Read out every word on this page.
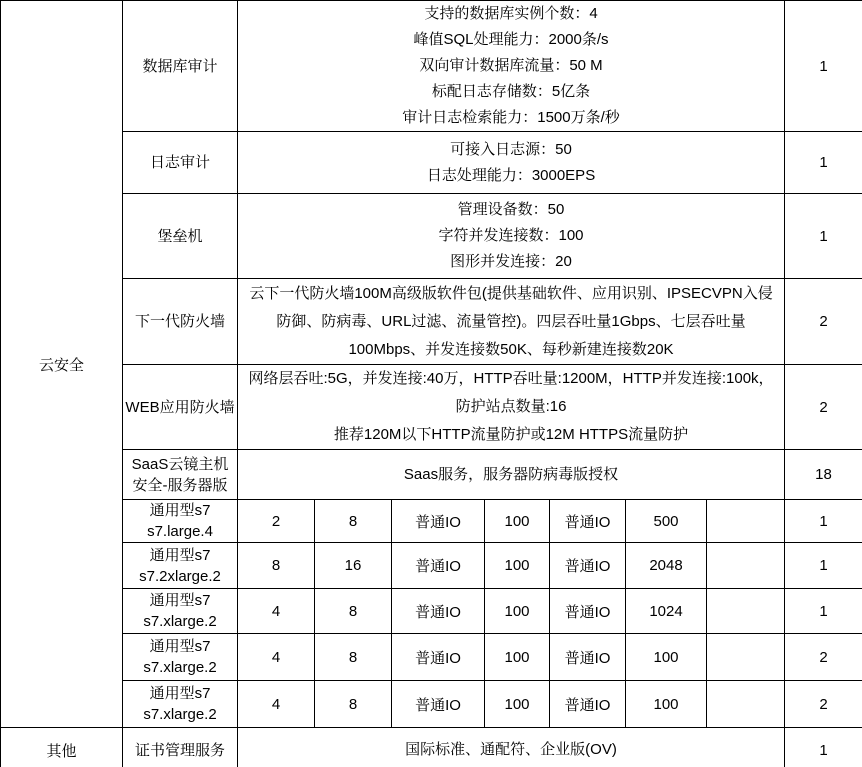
云安全	数据库审计	支持的数据库实例个数：4
峰值SQL处理能力：2000条/s
双向审计数据库流量：50 M
标配日志存储数：5亿条
审计日志检索能力：1500万条/秒							1

	日志审计	可接入日志源：50
日志处理能力：3000EPS							1

	堡垒机	管理设备数：50
字符并发连接数：100
图形并发连接：20							1

	下一代防火墙	云下一代防火墙100M高级版软件包(提供基础软件、应用识别、IPSECVPN入侵防御、防病毒、URL过滤、流量管控)。四层吞吐量1Gbps、七层吞吐量100Mbps、并发连接数50K、每秒新建连接数20K							2

	WEB应用防火墙	网络层吞吐:5G，并发连接:40万，HTTP吞吐量:1200M，HTTP并发连接:100k，防护站点数量:16
推荐120M以下HTTP流量防护或12M HTTPS流量防护							2

	SaaS云镜主机
安全-服务器版	Saas服务，服务器防病毒版授权							18

	通用型s7
s7.large.4	2	8	普通IO	100	普通IO	500		1

	通用型s7
s7.2xlarge.2	8	16	普通IO	100	普通IO	2048		1

	通用型s7
s7.xlarge.2	4	8	普通IO	100	普通IO	1024		1

	通用型s7
s7.xlarge.2	4	8	普通IO	100	普通IO	100		2

	通用型s7
s7.xlarge.2	4	8	普通IO	100	普通IO	100		2

其他	证书管理服务	国际标准、通配符、企业版(OV)							1
